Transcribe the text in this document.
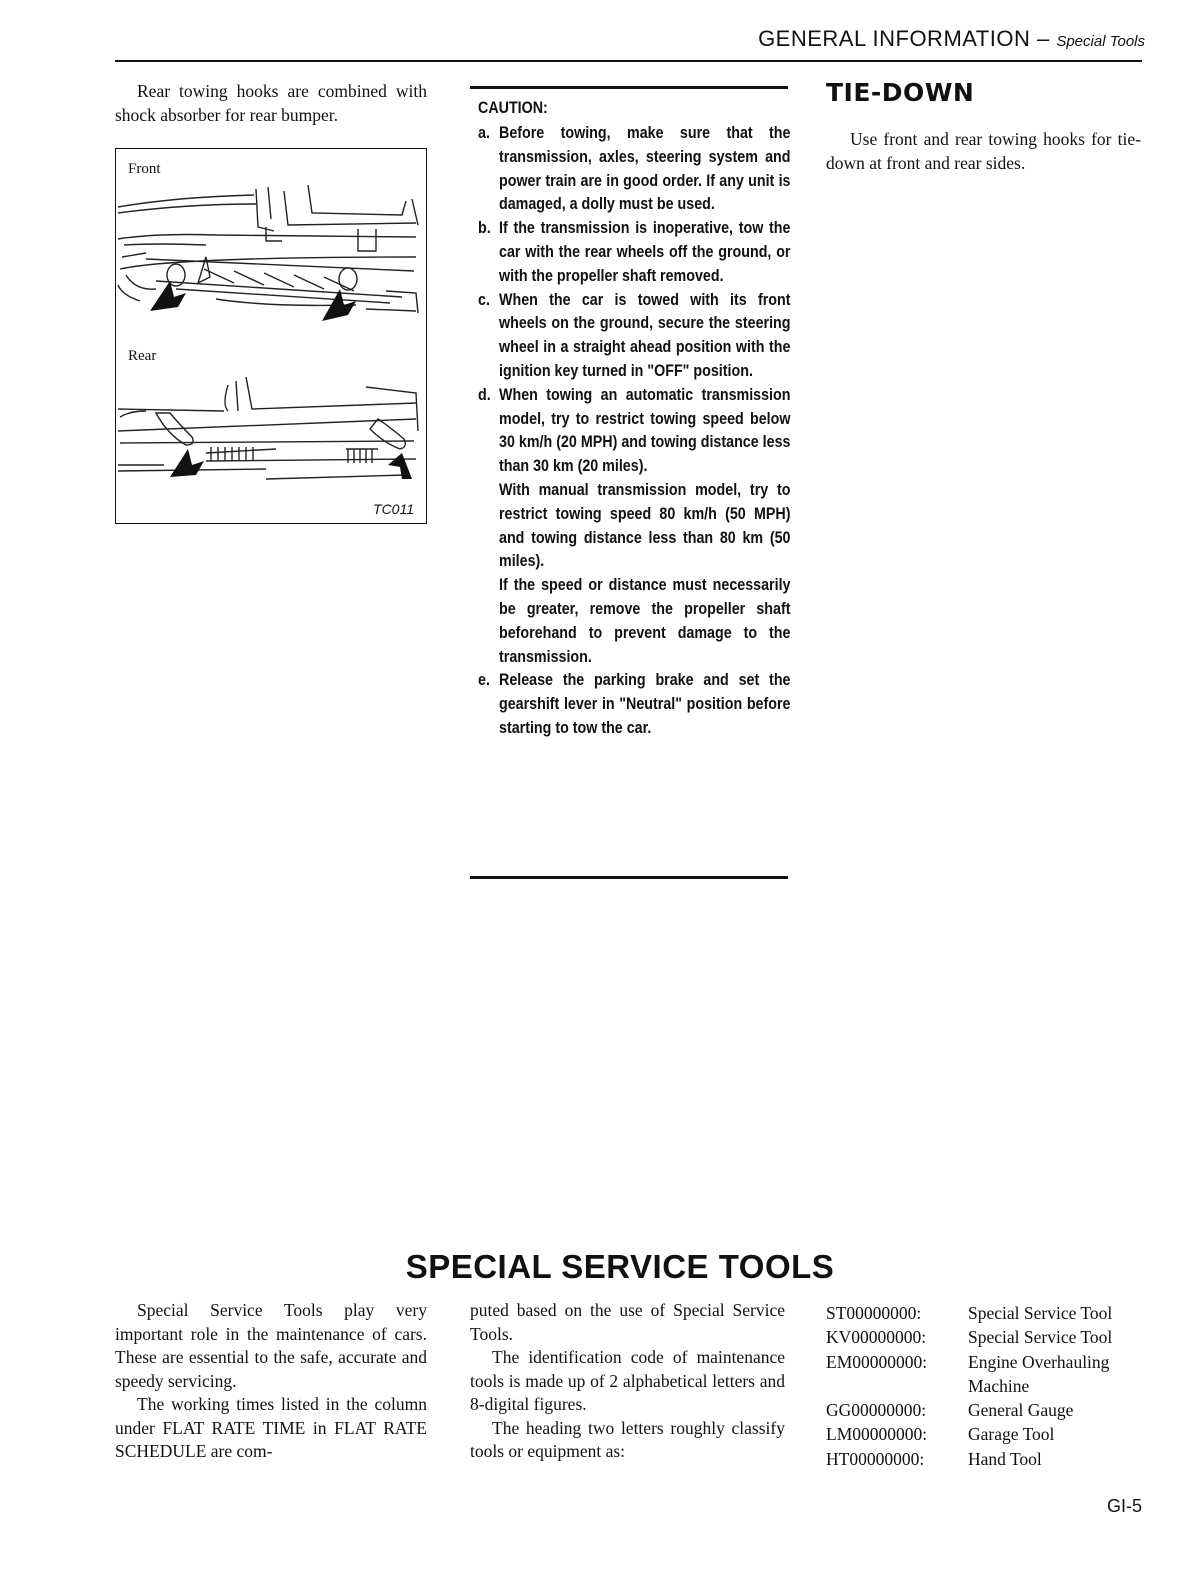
GENERAL INFORMATION – Special Tools
Rear towing hooks are combined with shock absorber for rear bumper.
Front
Rear
TC011
CAUTION:
a. Before towing, make sure that the transmission, axles, steering system and power train are in good order. If any unit is damaged, a dolly must be used.

b. If the transmission is inoperative, tow the car with the rear wheels off the ground, or with the propeller shaft removed.

c. When the car is towed with its front wheels on the ground, secure the steering wheel in a straight ahead position with the ignition key turned in "OFF" position.

d. When towing an automatic transmission model, try to restrict towing speed below 30 km/h (20 MPH) and towing distance less than 30 km (20 miles).

With manual transmission model, try to restrict towing speed 80 km/h (50 MPH) and towing distance less than 80 km (50 miles).

If the speed or distance must necessarily be greater, remove the propeller shaft beforehand to prevent damage to the transmission.

e. Release the parking brake and set the gearshift lever in "Neutral" position before starting to tow the car.

TIE-DOWN
Use front and rear towing hooks for tie-down at front and rear sides.
SPECIAL SERVICE TOOLS

Special Service Tools play very important role in the maintenance of cars. These are essential to the safe, accurate and speedy servicing.

The working times listed in the column under FLAT RATE TIME in FLAT RATE SCHEDULE are com-

puted based on the use of Special Service Tools.

The identification code of maintenance tools is made up of 2 alphabetical letters and 8-digital figures.

The heading two letters roughly classify tools or equipment as:

ST00000000:	Special Service Tool
KV00000000:	Special Service Tool
EM00000000:	Engine Overhauling Machine
GG00000000:	General Gauge
LM00000000:	Garage Tool
HT00000000:	Hand Tool
GI-5
